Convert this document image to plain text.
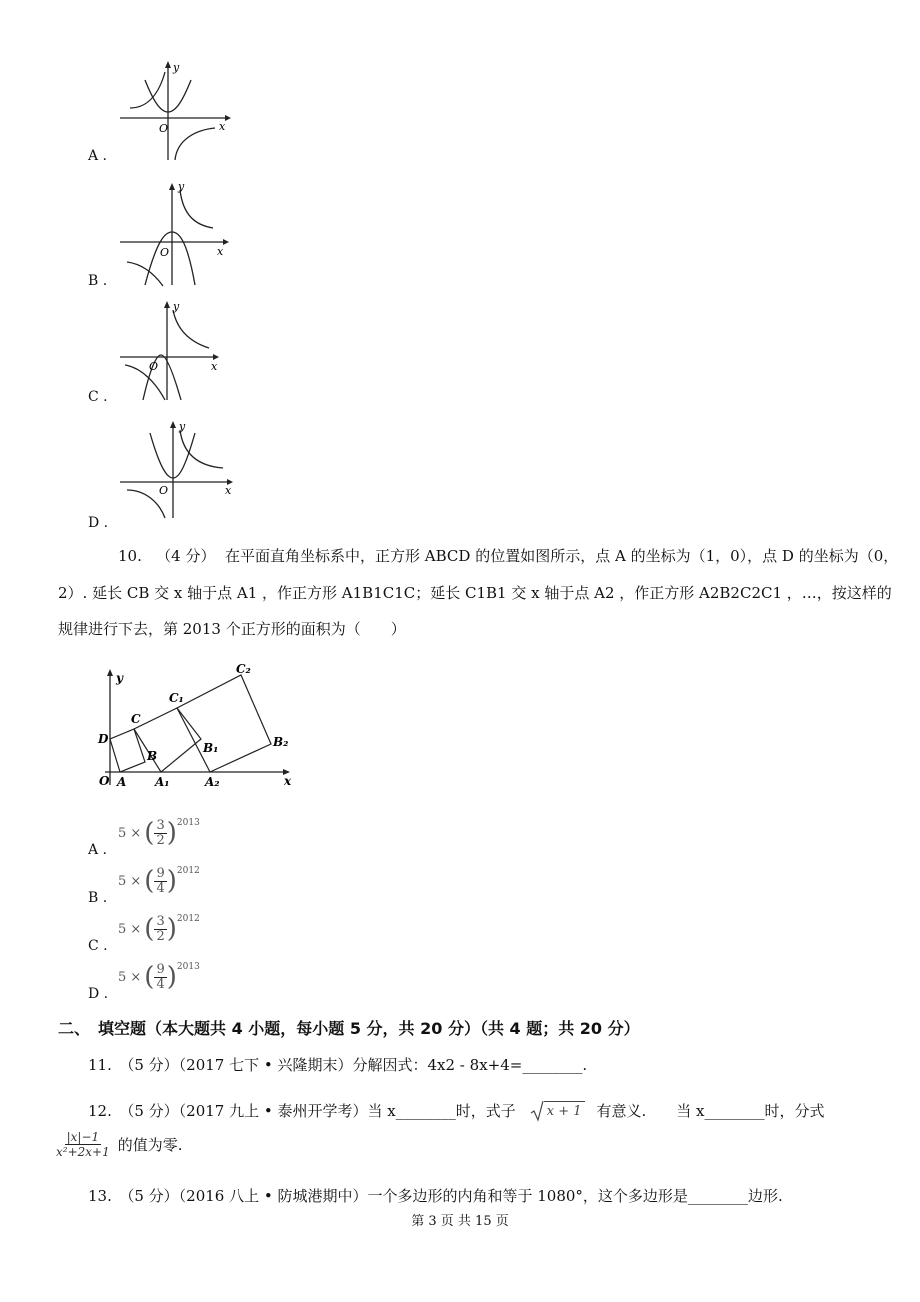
O	x
y
A .
x
y
O
B .
x
y
O
C .
x
y
O
D .
10. （4 分） 在平面直角坐标系中，正方形 ABCD 的位置如图所示，点 A 的坐标为（1，0），点 D 的坐标为（0，
2）. 延长 CB 交 x 轴于点 A1 ，作正方形 A1B1C1C；延长 C1B1 交 x 轴于点 A2 ，作正方形 A2B2C2C1 ，…，按这样的
规律进行下去，第 2013 个正方形的面积为（　　）
y
x
O A A₁	A₂
B
B₁	B₂
C
C₁
C₂
D
A .
5 × ( $\frac{3}{2} )^{2013}$
B .
5 × ( $\frac{9}{4} )^{2012}$
C .
5 × ( $\frac{3}{2} )^{2012}$
D .
5 × ( $\frac{9}{4} )^{2013}$
二、　填空题（本大题共 4 小题，每小题 5 分，共 20 分）（共 4 题；共 20 分）
11.　（5 分）（2017 七下 • 兴隆期末）分解因式：4x2 - 8x+4=________.
12.　（5 分）（2017 九上 • 泰州开学考）当 x________时，式子 x + 1 有意义.　　当 x________时，分式
$\frac{|x|-1}{\text{x²+2x+1}}$ 的值为零.
13.　（5 分）（2016 八上 • 防城港期中）一个多边形的内角和等于 1080°，这个多边形是________边形.
第 3 页 共 15 页
